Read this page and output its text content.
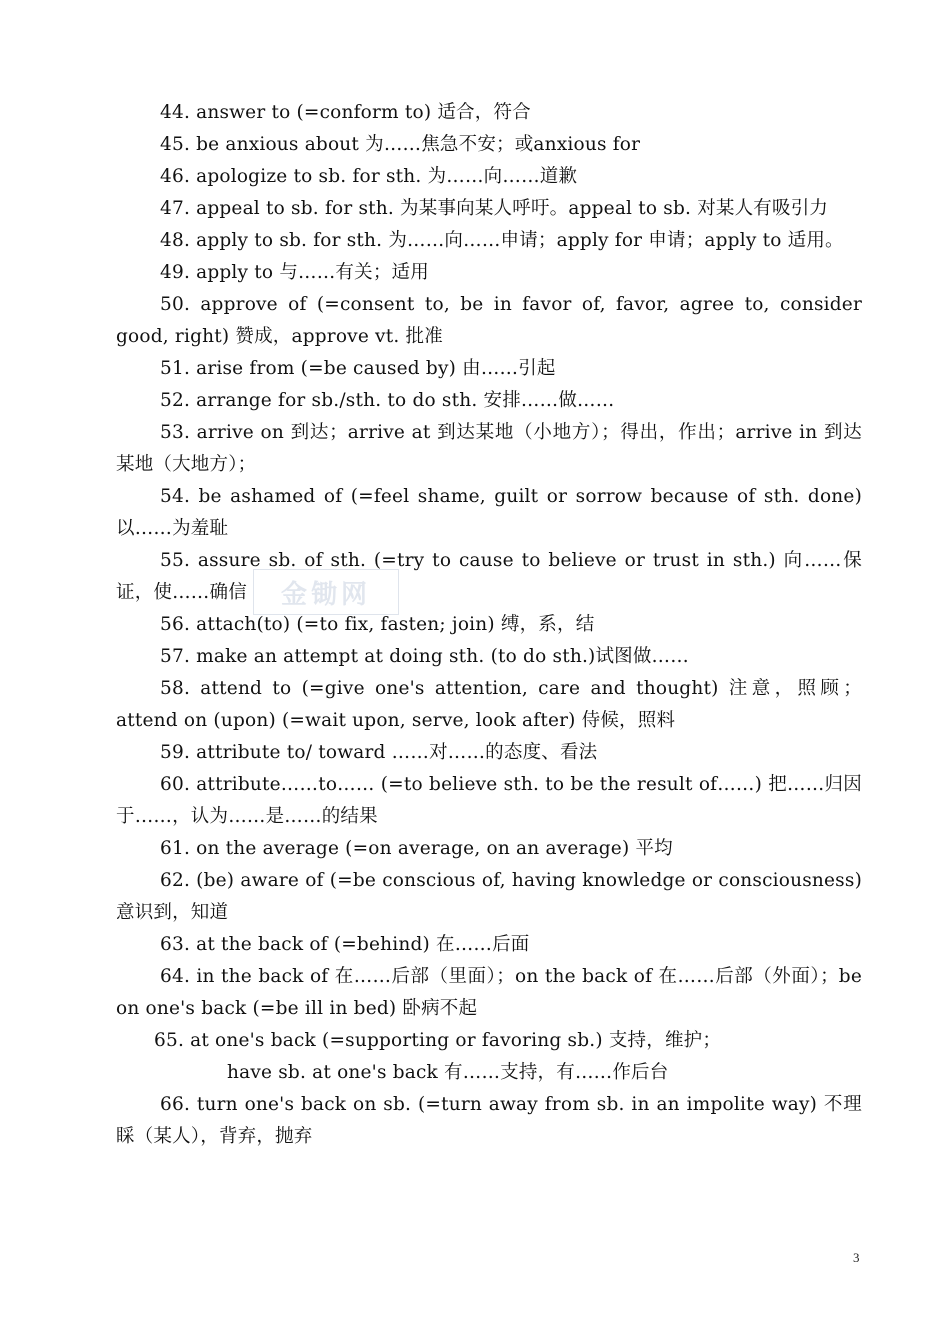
44. answer to (=conform to) 适合，符合

45. be anxious about 为……焦急不安；或anxious for

46. apologize to sb. for sth. 为……向……道歉

47. appeal to sb. for sth. 为某事向某人呼吁。appeal to sb. 对某人有吸引力

48. apply to sb. for sth. 为……向……申请；apply for 申请；apply to 适用。

49. apply to 与……有关；适用

50. approve of (=consent to, be in favor of, favor, agree to, consider good, right) 赞成，approve vt. 批准

51. arise from (=be caused by) 由……引起

52. arrange for sb./sth. to do sth. 安排……做……

53. arrive on 到达；arrive at 到达某地（小地方）；得出，作出；arrive in 到达某地（大地方）；

54. be ashamed of (=feel shame, guilt or sorrow because of sth. done) 以……为羞耻

55. assure sb. of sth. (=try to cause to believe or trust in sth.) 向……保证，使……确信

56. attach(to) (=to fix, fasten; join) 缚，系，结

57. make an attempt at doing sth. (to do sth.)试图做……

58. attend to (=give one's attention, care and thought) 注意，照顾；attend on (upon) (=wait upon, serve, look after) 侍候，照料

59. attribute to/ toward ……对……的态度、看法

60. attribute……to…… (=to believe sth. to be the result of……) 把……归因于……，认为……是……的结果

61. on the average (=on average, on an average) 平均

62. (be) aware of (=be conscious of, having knowledge or consciousness) 意识到，知道

63. at the back of (=behind) 在……后面

64. in the back of 在……后部（里面）；on the back of 在……后部（外面）；be on one's back (=be ill in bed) 卧病不起

65. at one's back (=supporting or favoring sb.) 支持，维护；

have sb. at one's back 有……支持，有……作后台

66. turn one's back on sb. (=turn away from sb. in an impolite way) 不理睬（某人），背弃，抛弃

金锄网
3
